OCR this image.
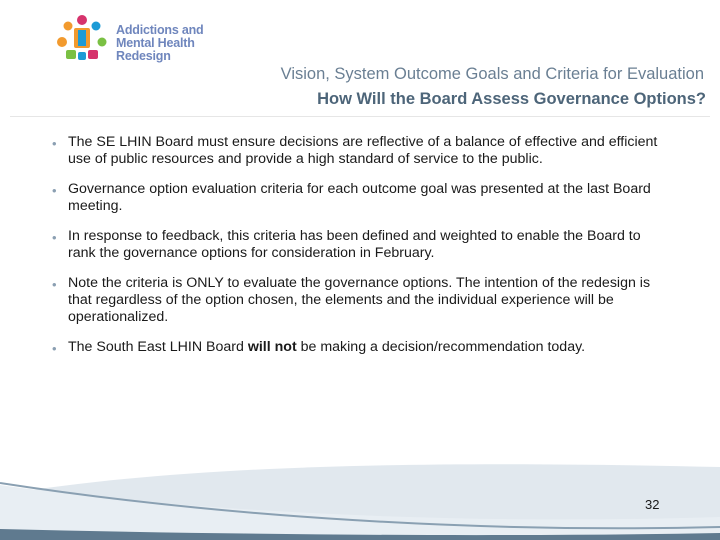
Addictions and
Mental Health
Redesign
Vision, System Outcome Goals and Criteria for Evaluation
How Will the Board Assess Governance Options?
• The SE LHIN Board must ensure decisions are reflective of a balance of effective and efficient use of public resources and provide a high standard of service to the public.
• Governance option evaluation criteria for each outcome goal was presented at the last Board meeting.
• In response to feedback, this criteria has been defined and weighted to enable the Board to rank the governance options for consideration in February.
• Note the criteria is ONLY to evaluate the governance options. The intention of the redesign is that regardless of the option chosen, the elements and the individual experience will be operationalized.
• The South East LHIN Board will not be making a decision/recommendation today.
32
